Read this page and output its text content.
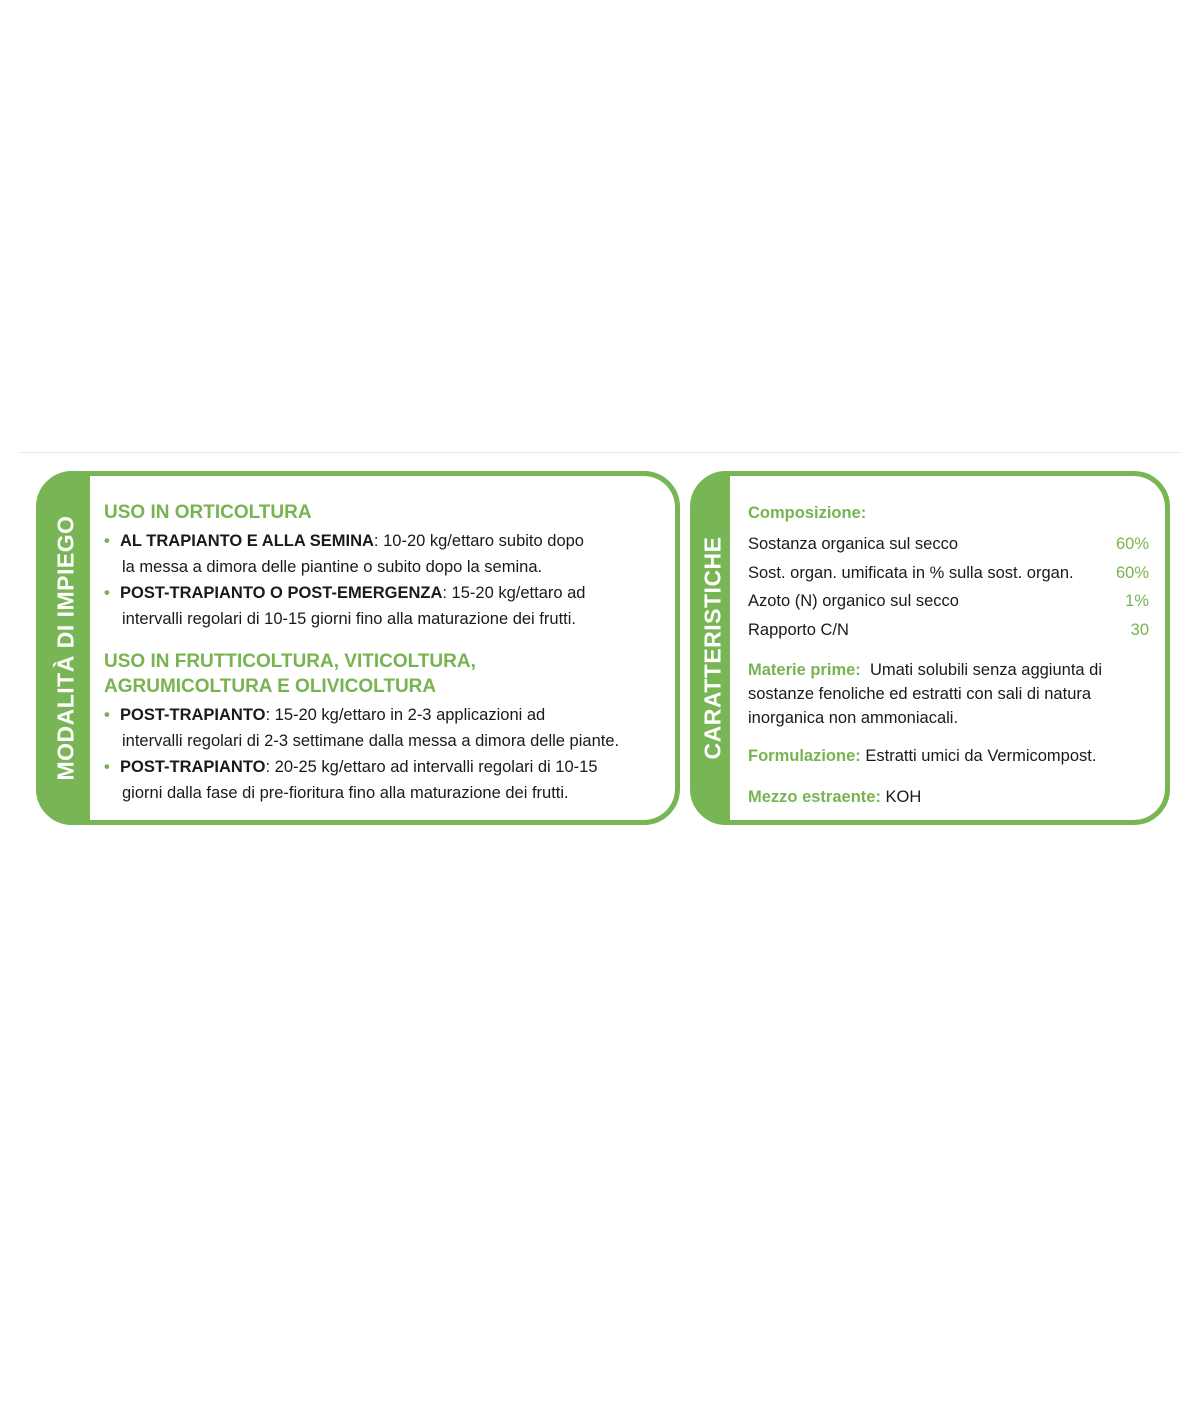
MODALITÀ DI IMPIEGO
USO IN ORTICOLTURA
• AL TRAPIANTO E ALLA SEMINA: 10-20 kg/ettaro subito dopo
la messa a dimora delle piantine o subito dopo la semina.
• POST-TRAPIANTO O POST-EMERGENZA: 15-20 kg/ettaro ad
intervalli regolari di 10-15 giorni fino alla maturazione dei frutti.
USO IN FRUTTICOLTURA, VITICOLTURA,
AGRUMICOLTURA E OLIVICOLTURA
• POST-TRAPIANTO: 15-20 kg/ettaro in 2-3 applicazioni ad
intervalli regolari di 2-3 settimane dalla messa a dimora delle piante.
• POST-TRAPIANTO: 20-25 kg/ettaro ad intervalli regolari di 10-15
giorni dalla fase di pre-fioritura fino alla maturazione dei frutti.
CARATTERISTICHE

Composizione:

Sostanza organica sul secco	60%
Sost. organ. umificata in % sulla sost. organ.	60%
Azoto (N) organico sul secco	1%
Rapporto C/N	30

Materie prime: Umati solubili senza aggiunta di
sostanze fenoliche ed estratti con sali di natura
inorganica non ammoniacali.

Formulazione: Estratti umici da Vermicompost.

Mezzo estraente: KOH
